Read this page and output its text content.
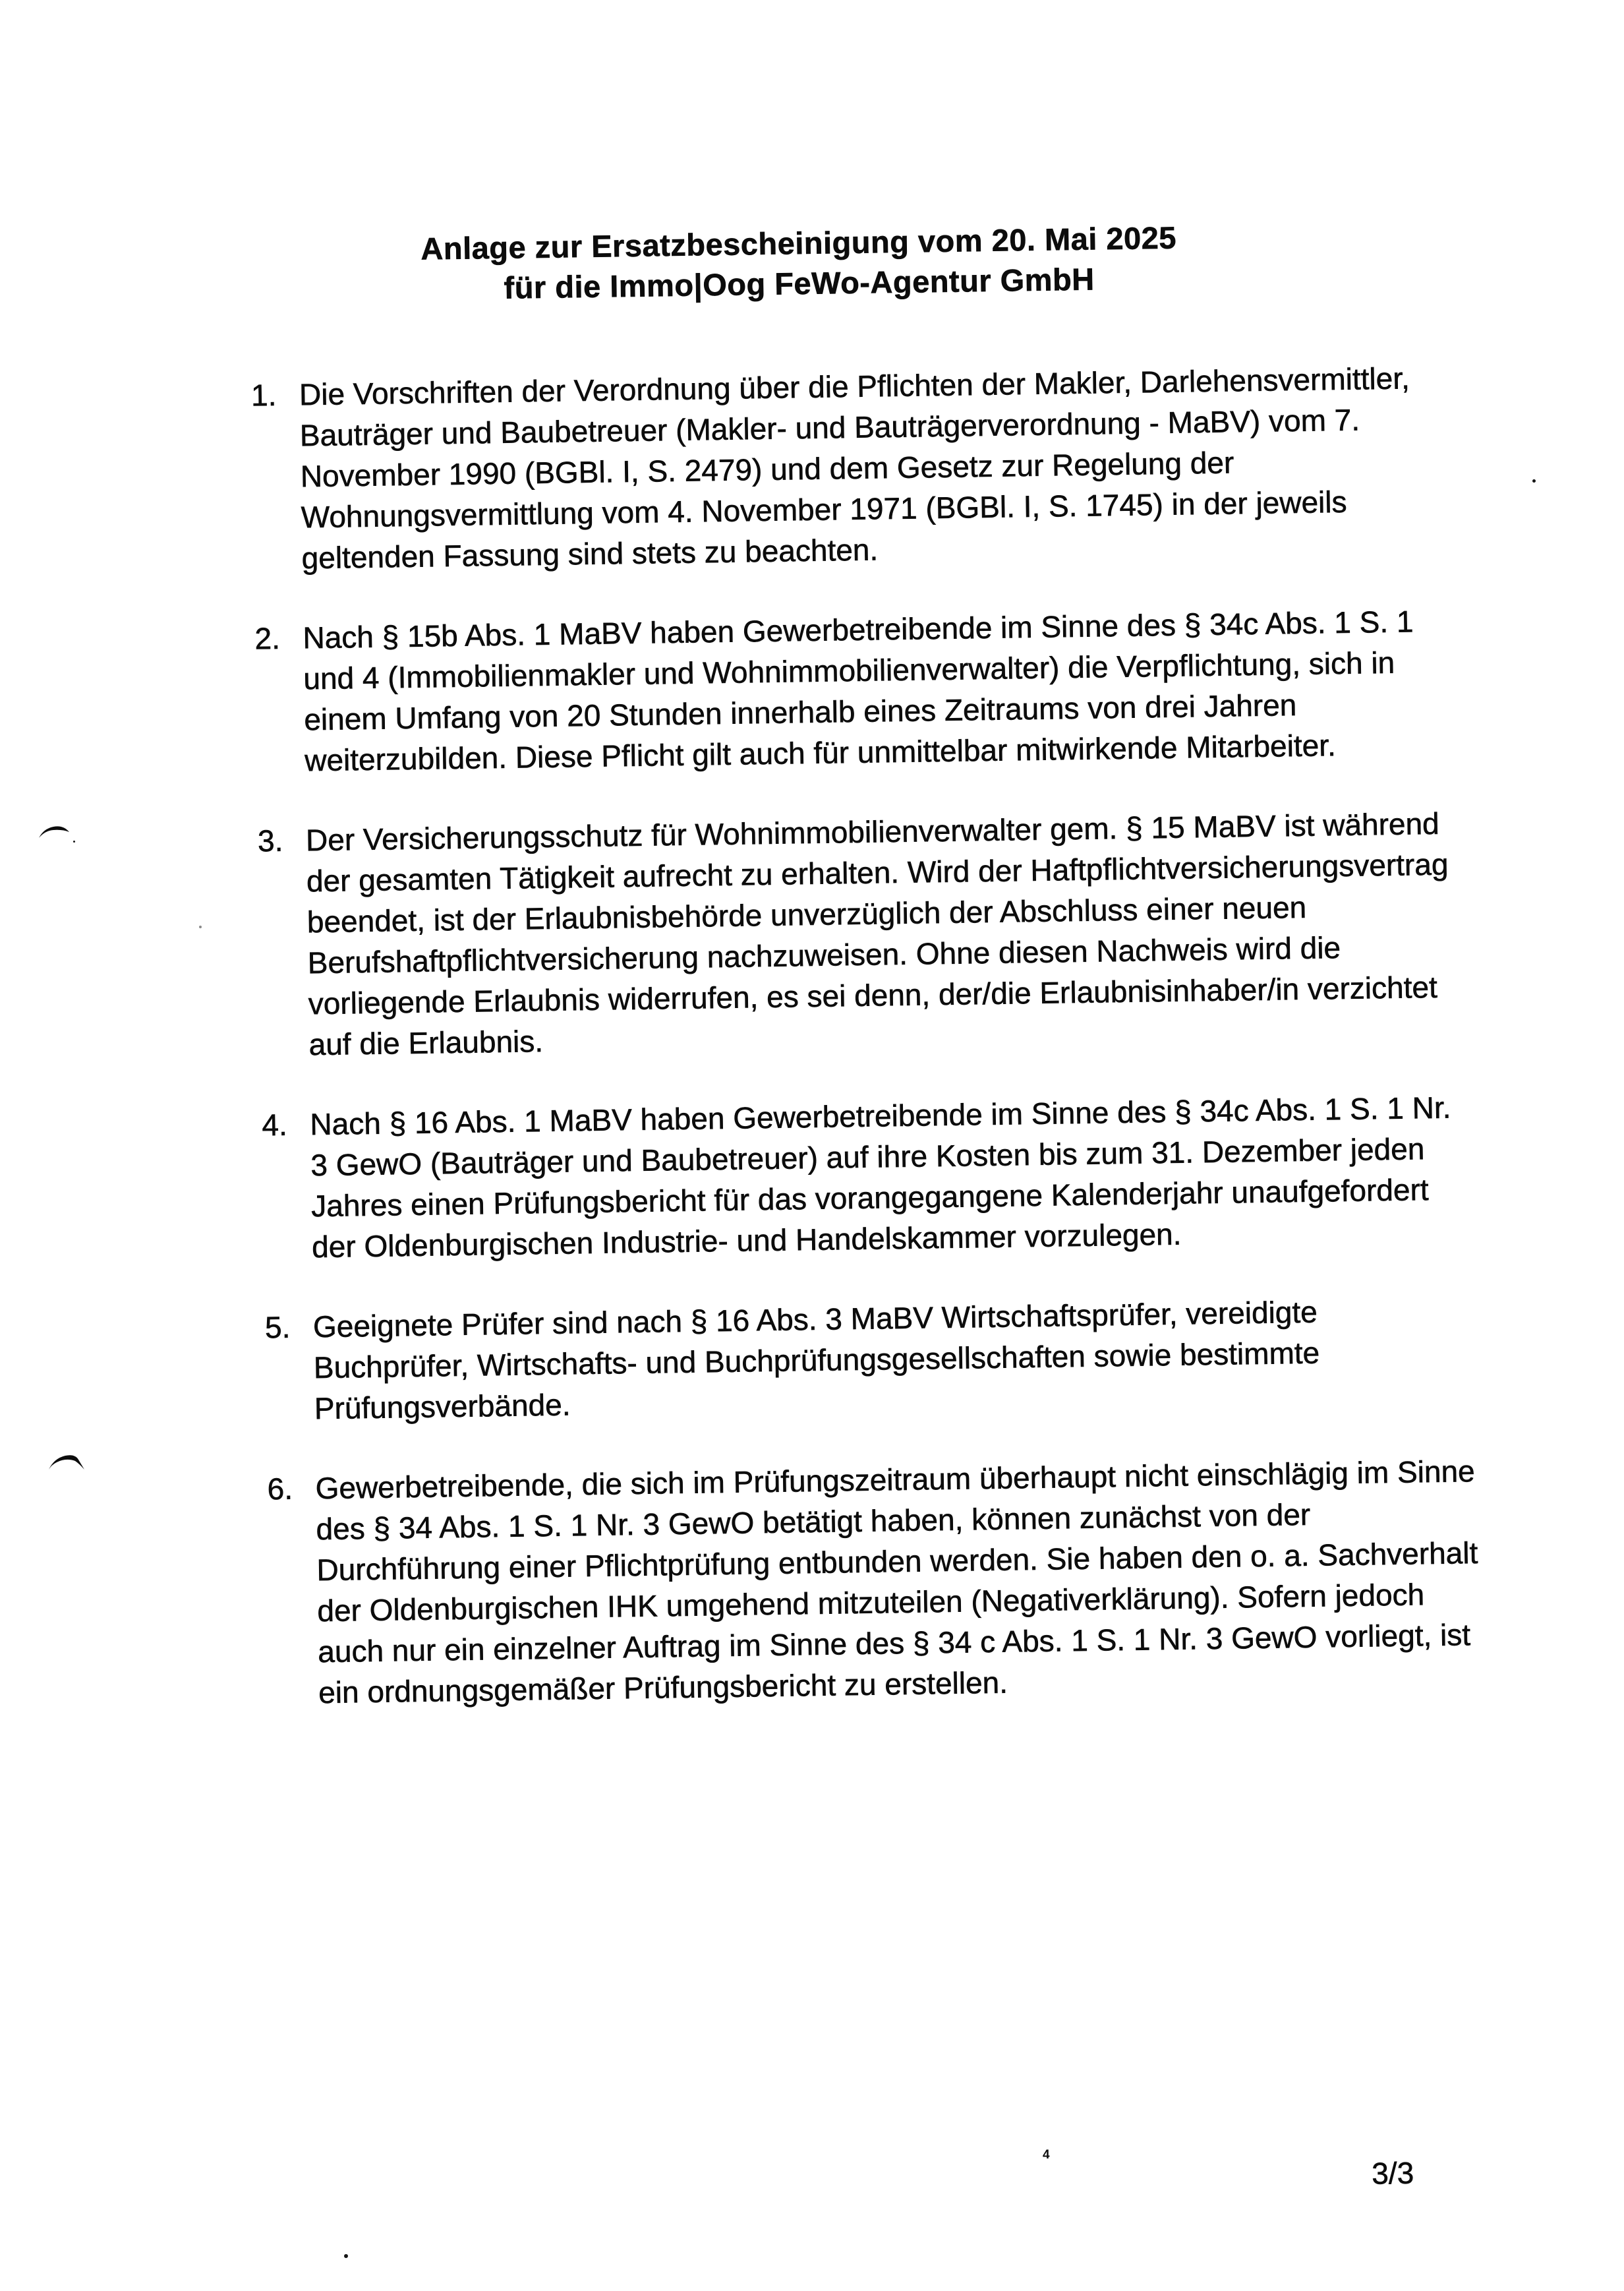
Anlage zur Ersatzbescheinigung vom 20. Mai 2025
für die Immo|Oog FeWo-Agentur GmbH
1. Die Vorschriften der Verordnung über die Pflichten der Makler, Darlehensvermittler, Bauträger und Baubetreuer (Makler- und Bauträgerverordnung - MaBV) vom 7. November 1990 (BGBl. I, S. 2479) und dem Gesetz zur Regelung der Wohnungsvermittlung vom 4. November 1971 (BGBl. I, S. 1745) in der jeweils geltenden Fassung sind stets zu beachten.
2. Nach § 15b Abs. 1 MaBV haben Gewerbetreibende im Sinne des § 34c Abs. 1 S. 1 und 4 (Immobilienmakler und Wohnimmobilienverwalter) die Verpflichtung, sich in einem Umfang von 20 Stunden innerhalb eines Zeitraums von drei Jahren weiterzubilden. Diese Pflicht gilt auch für unmittelbar mitwirkende Mitarbeiter.
3. Der Versicherungsschutz für Wohnimmobilienverwalter gem. § 15 MaBV ist während der gesamten Tätigkeit aufrecht zu erhalten. Wird der Haftpflichtversicherungsvertrag beendet, ist der Erlaubnisbehörde unverzüglich der Abschluss einer neuen Berufshaftpflichtversicherung nachzuweisen. Ohne diesen Nachweis wird die vorliegende Erlaubnis widerrufen, es sei denn, der/die Erlaubnisinhaber/in verzichtet auf die Erlaubnis.
4. Nach § 16 Abs. 1 MaBV haben Gewerbetreibende im Sinne des § 34c Abs. 1 S. 1 Nr. 3 GewO (Bauträger und Baubetreuer) auf ihre Kosten bis zum 31. Dezember jeden Jahres einen Prüfungsbericht für das vorangegangene Kalenderjahr unaufgefordert der Oldenburgischen Industrie- und Handelskammer vorzulegen.
5. Geeignete Prüfer sind nach § 16 Abs. 3 MaBV Wirtschaftsprüfer, vereidigte Buchprüfer, Wirtschafts- und Buchprüfungsgesellschaften sowie bestimmte Prüfungsverbände.
6. Gewerbetreibende, die sich im Prüfungszeitraum überhaupt nicht einschlägig im Sinne des § 34 Abs. 1 S. 1 Nr. 3 GewO betätigt haben, können zunächst von der Durchführung einer Pflichtprüfung entbunden werden. Sie haben den o. a. Sachverhalt der Oldenburgischen IHK umgehend mitzuteilen (Negativerklärung). Sofern jedoch auch nur ein einzelner Auftrag im Sinne des § 34 c Abs. 1 S. 1 Nr. 3 GewO vorliegt, ist ein ordnungsgemäßer Prüfungsbericht zu erstellen.
3/3
4
